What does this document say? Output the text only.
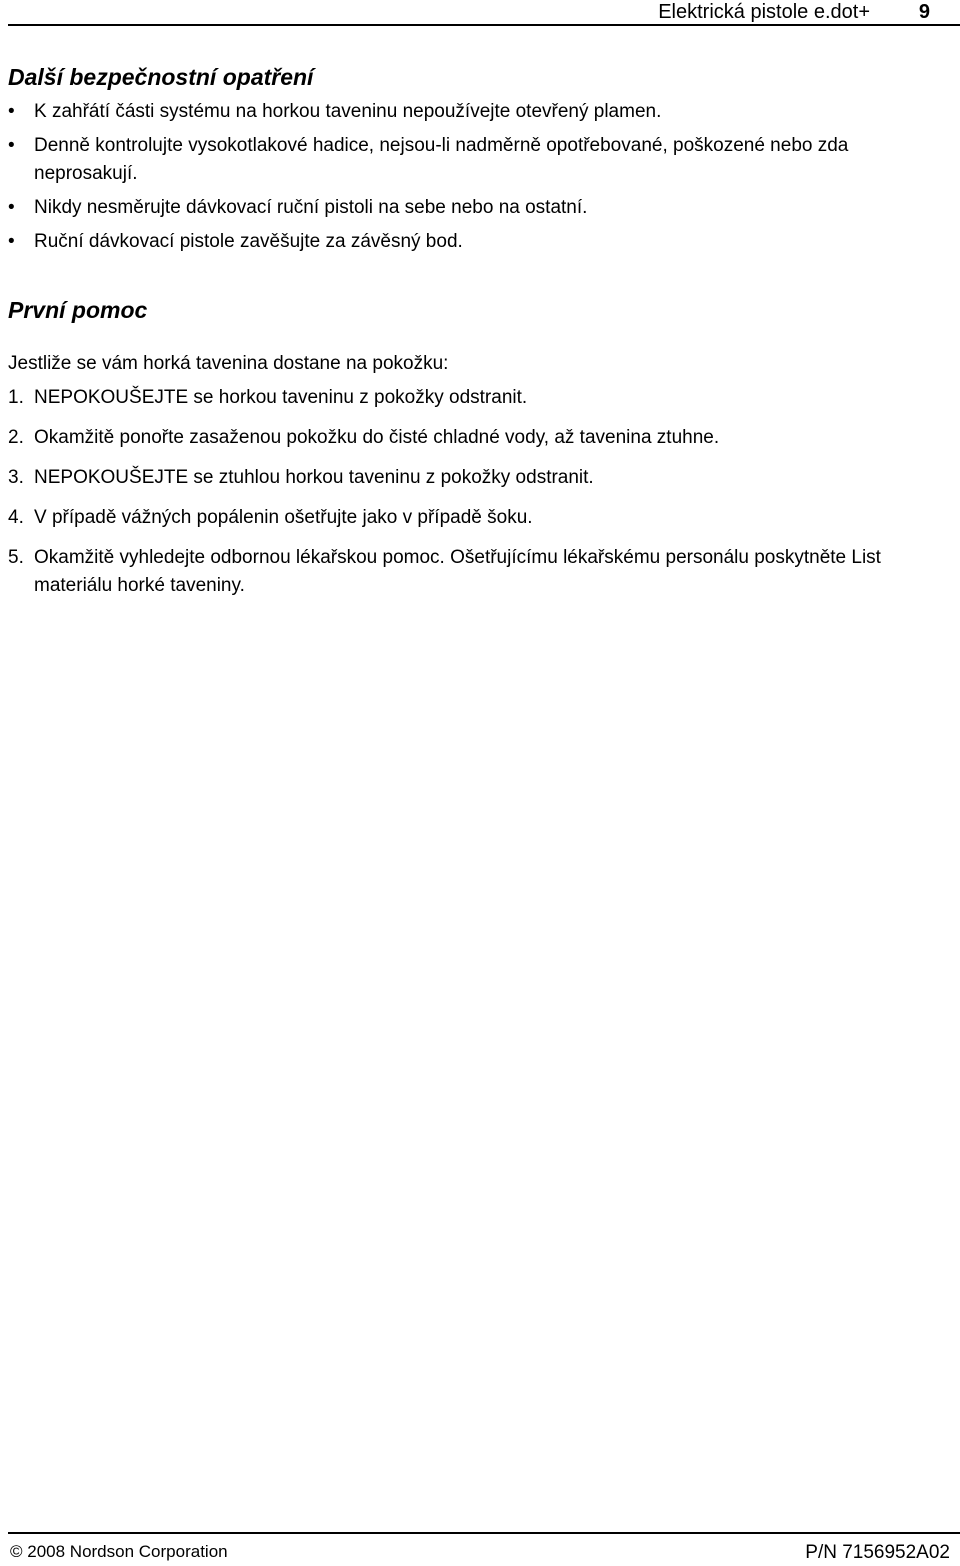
Elektrická pistole e.dot+ 9
Další bezpečnostní opatření
•	K zahřátí části systému na horkou taveninu nepoužívejte otevřený plamen.
•	Denně kontrolujte vysokotlakové hadice, nejsou-li nadměrně opotřebované, poškozené nebo zda neprosakují.
•	Nikdy nesměrujte dávkovací ruční pistoli na sebe nebo na ostatní.
•	Ruční dávkovací pistole zavěšujte za závěsný bod.
První pomoc

Jestliže se vám horká tavenina dostane na pokožku:

1. NEPOKOUŠEJTE se horkou taveninu z pokožky odstranit.
2. Okamžitě ponořte zasaženou pokožku do čisté chladné vody, až tavenina ztuhne.
3. NEPOKOUŠEJTE se ztuhlou horkou taveninu z pokožky odstranit.
4. V případě vážných popálenin ošetřujte jako v případě šoku.
5. Okamžitě vyhledejte odbornou lékařskou pomoc. Ošetřujícímu lékařskému personálu poskytněte List materiálu horké taveniny.
© 2008 Nordson Corporation	P/N 7156952A02
